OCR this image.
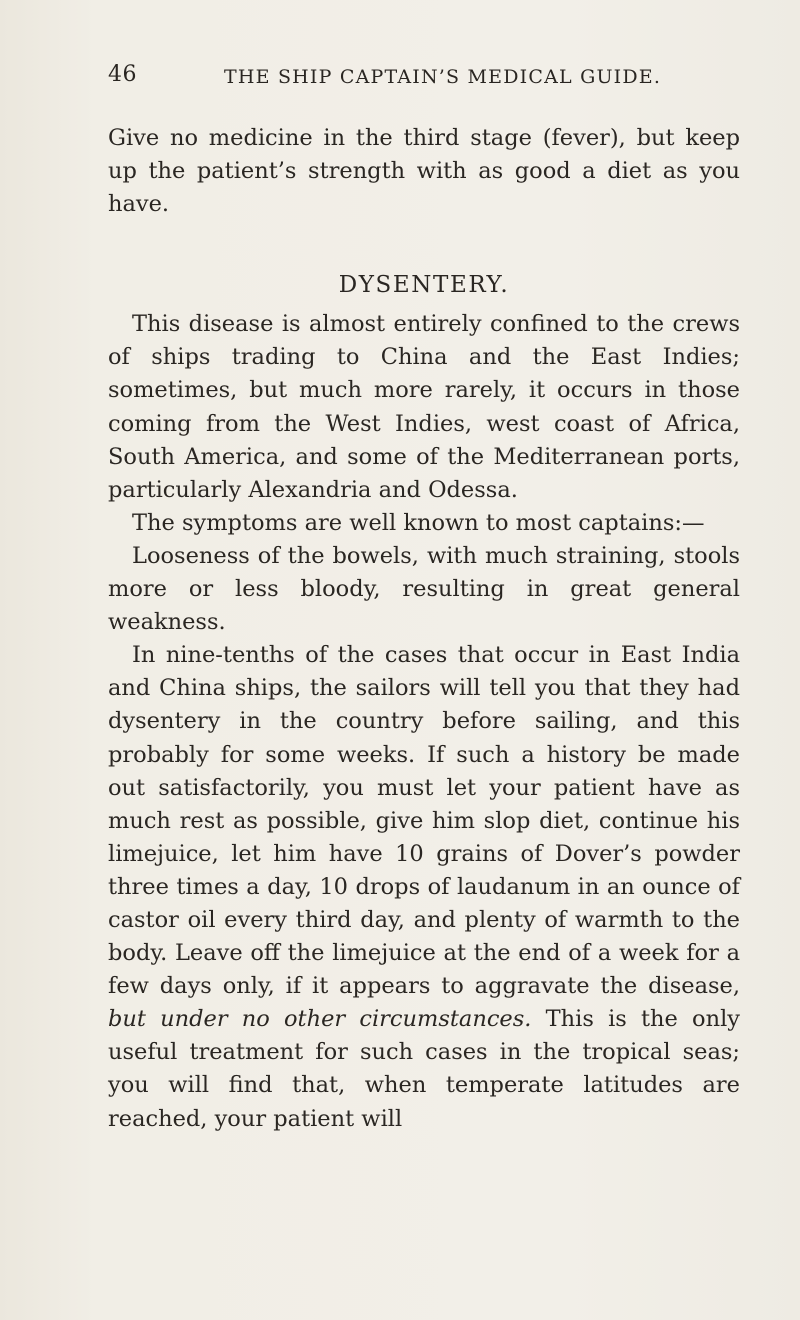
46	THE SHIP CAPTAIN’S MEDICAL GUIDE.

Give no medicine in the third stage (fever), but keep up the patient’s strength with as good a diet as you have.

DYSENTERY.

This disease is almost entirely confined to the crews of ships trading to China and the East Indies; sometimes, but much more rarely, it occurs in those coming from the West Indies, west coast of Africa, South America, and some of the Mediterranean ports, particularly Alexandria and Odessa.

The symptoms are well known to most captains:—

Looseness of the bowels, with much straining, stools more or less bloody, resulting in great general weakness.

In nine-tenths of the cases that occur in East India and China ships, the sailors will tell you that they had dysentery in the country before sailing, and this probably for some weeks. If such a history be made out satisfactorily, you must let your patient have as much rest as possible, give him slop diet, continue his limejuice, let him have 10 grains of Dover’s powder three times a day, 10 drops of laudanum in an ounce of castor oil every third day, and plenty of warmth to the body. Leave off the limejuice at the end of a week for a few days only, if it appears to aggravate the disease, but under no other circumstances. This is the only useful treatment for such cases in the tropical seas; you will find that, when temperate latitudes are reached, your patient will
